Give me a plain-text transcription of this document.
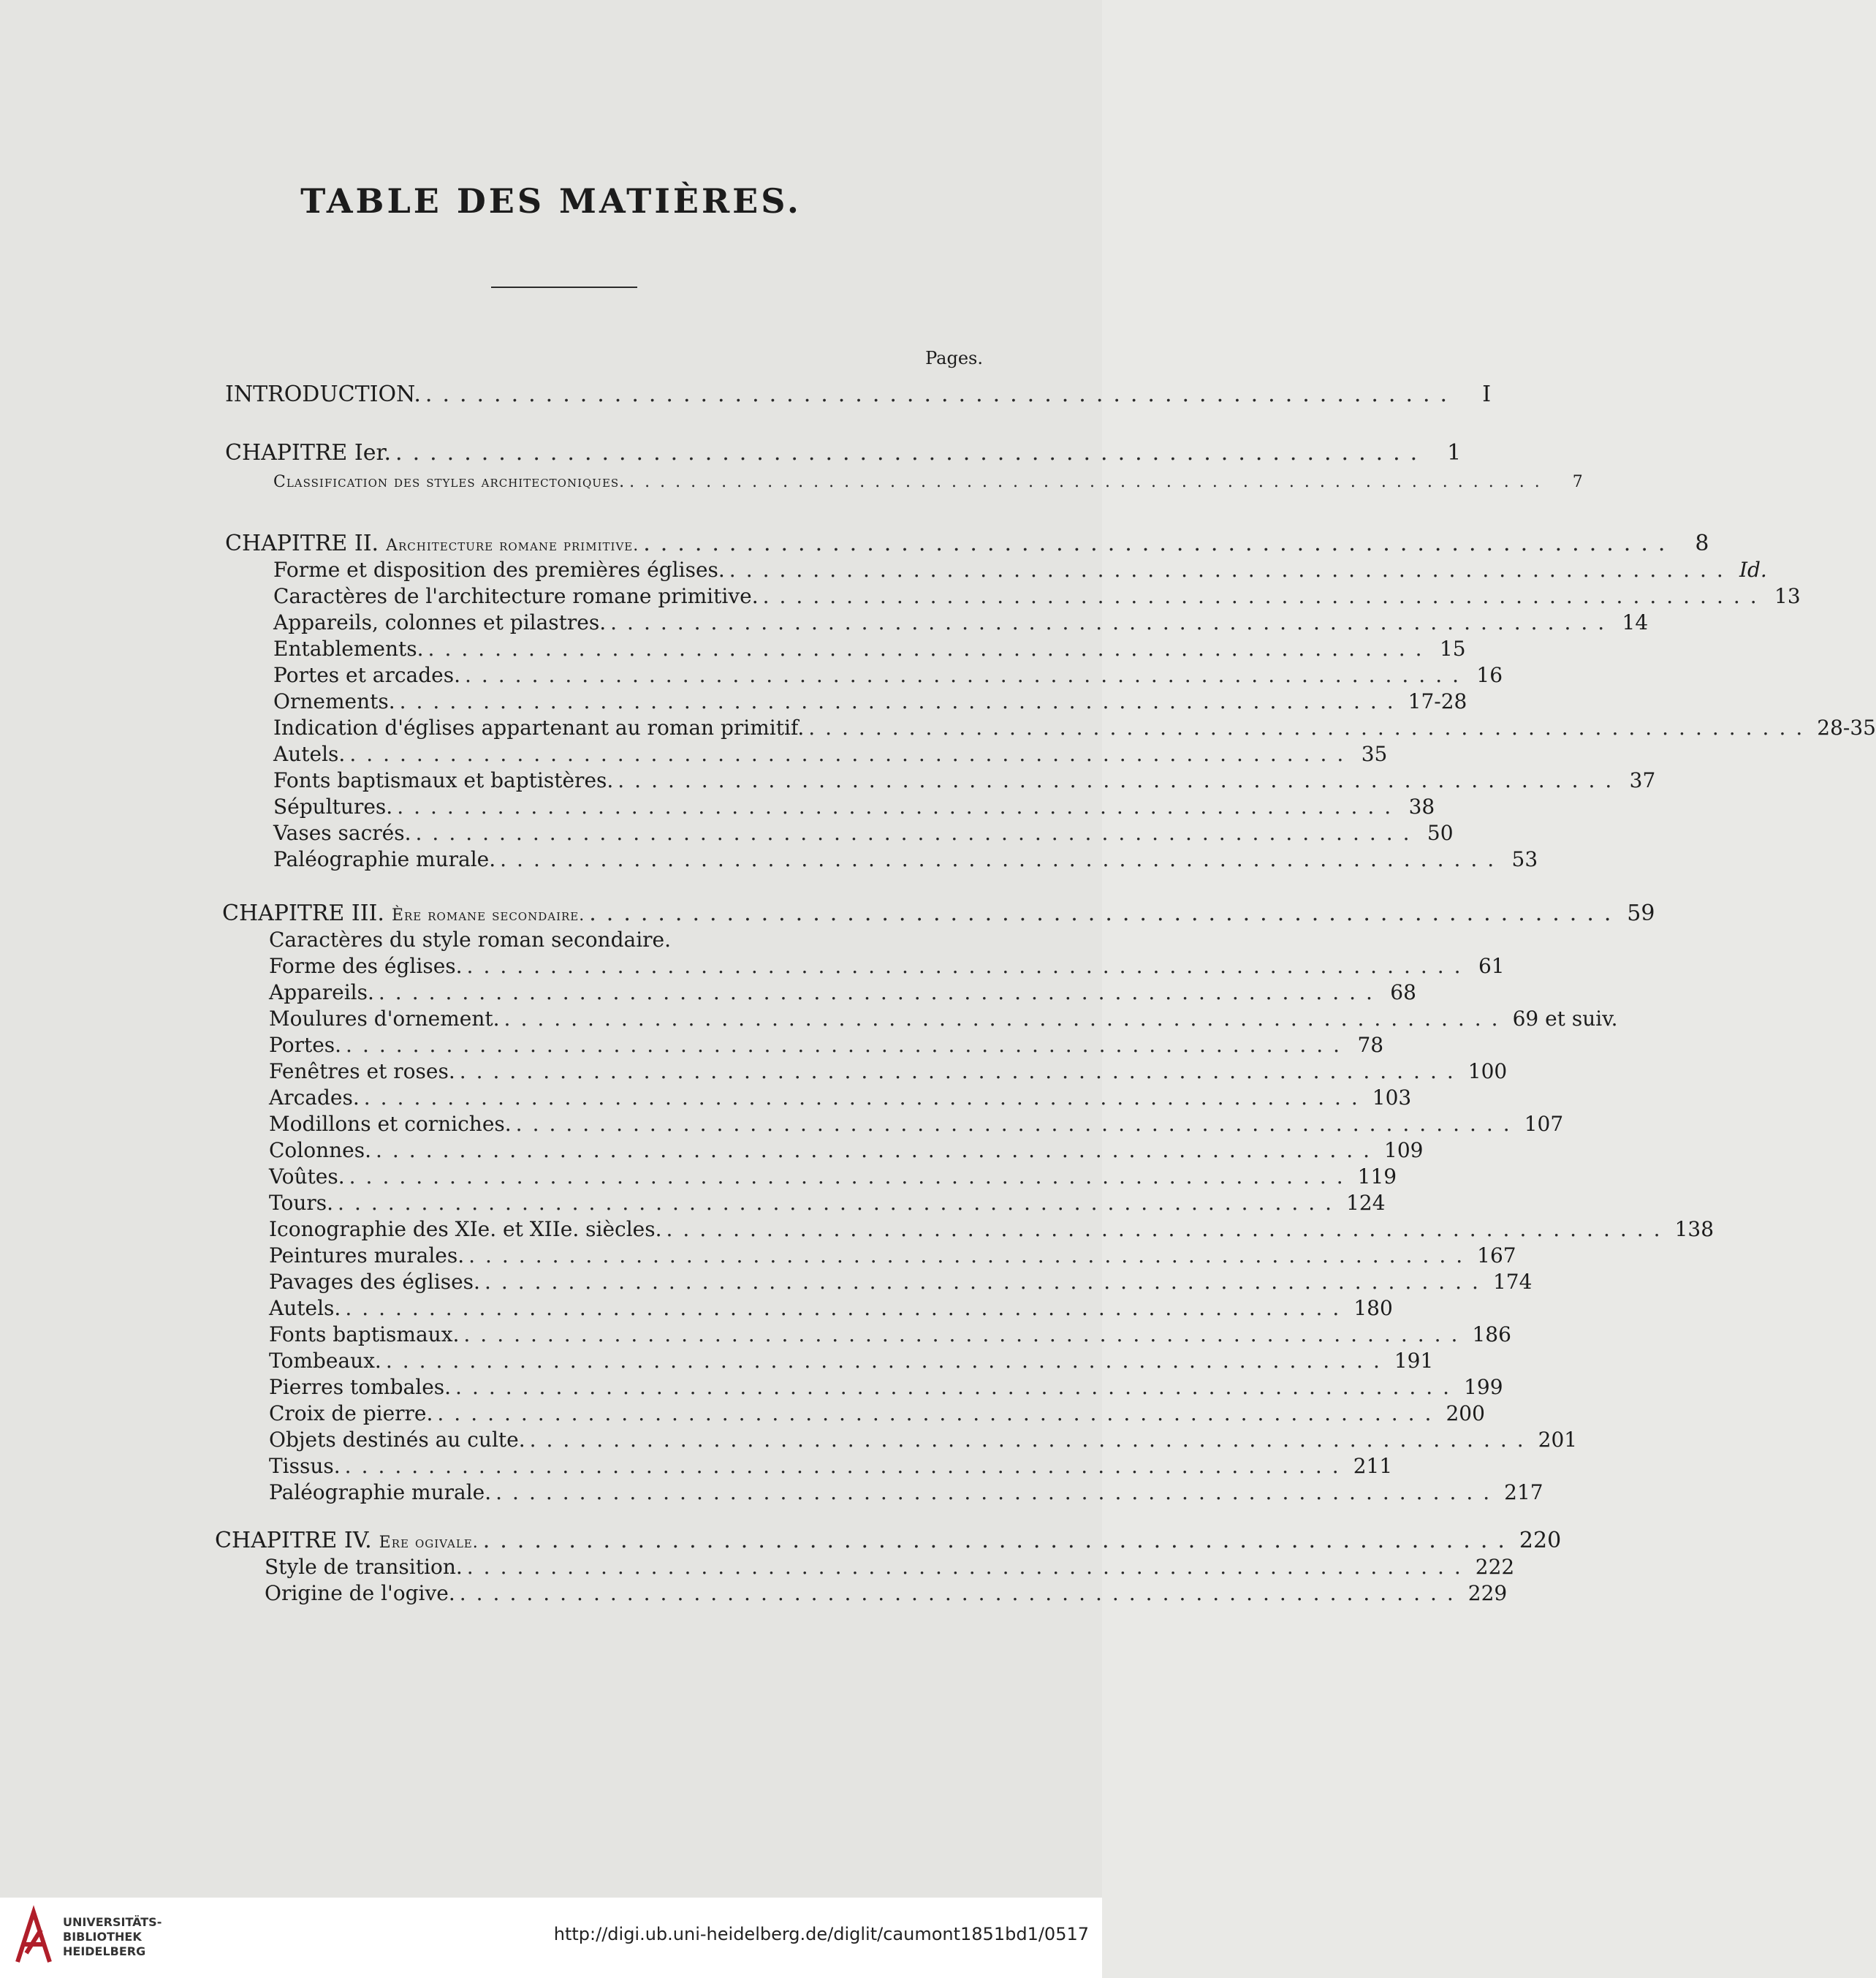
TABLE DES MATIÈRES.
Pages.
INTRODUCTION. ............................................................	I
CHAPITRE Ier. ............................................................ 1
Classification des styles architectoniques. ............................................................	7
CHAPITRE II. Architecture romane primitive. ............................................................ 8
Forme et disposition des premières églises. ............................................................ Id.
Caractères de l'architecture romane primitive. ............................................................ 13
Appareils, colonnes et pilastres. ............................................................ 14
Entablements. ............................................................ 15
Portes et arcades. ............................................................ 16
Ornements. ............................................................ 17-28
Indication d'églises appartenant au roman primitif. ............................................................ 28-35
Autels. ............................................................ 35
Fonts baptismaux et baptistères. ............................................................ 37
Sépultures. ............................................................ 38
Vases sacrés. ............................................................ 50
Paléographie murale. ............................................................ 53
CHAPITRE III. Ère romane secondaire. ............................................................ 59
Caractères du style roman secondaire.
Forme des églises. ............................................................ 61
Appareils. ............................................................ 68
Moulures d'ornement. ............................................................ 69 et suiv.
Portes. ............................................................ 78
Fenêtres et roses. ............................................................ 100
Arcades. ............................................................ 103
Modillons et corniches. ............................................................ 107
Colonnes. ............................................................ 109
Voûtes. ............................................................ 119
Tours. ............................................................ 124
Iconographie des XIe. et XIIe. siècles. ............................................................ 138
Peintures murales. ............................................................ 167
Pavages des églises. ............................................................ 174
Autels. ............................................................ 180
Fonts baptismaux. ............................................................ 186
Tombeaux. ............................................................ 191
Pierres tombales. ............................................................ 199
Croix de pierre. ............................................................ 200
Objets destinés au culte. ............................................................ 201
Tissus. ............................................................ 211
Paléographie murale. ............................................................ 217
CHAPITRE IV. Ere ogivale. ............................................................ 220
Style de transition. ............................................................ 222
Origine de l'ogive. ............................................................ 229
UNIVERSITÄTS-
BIBLIOTHEK
HEIDELBERG
http://digi.ub.uni-heidelberg.de/diglit/caumont1851bd1/0517
